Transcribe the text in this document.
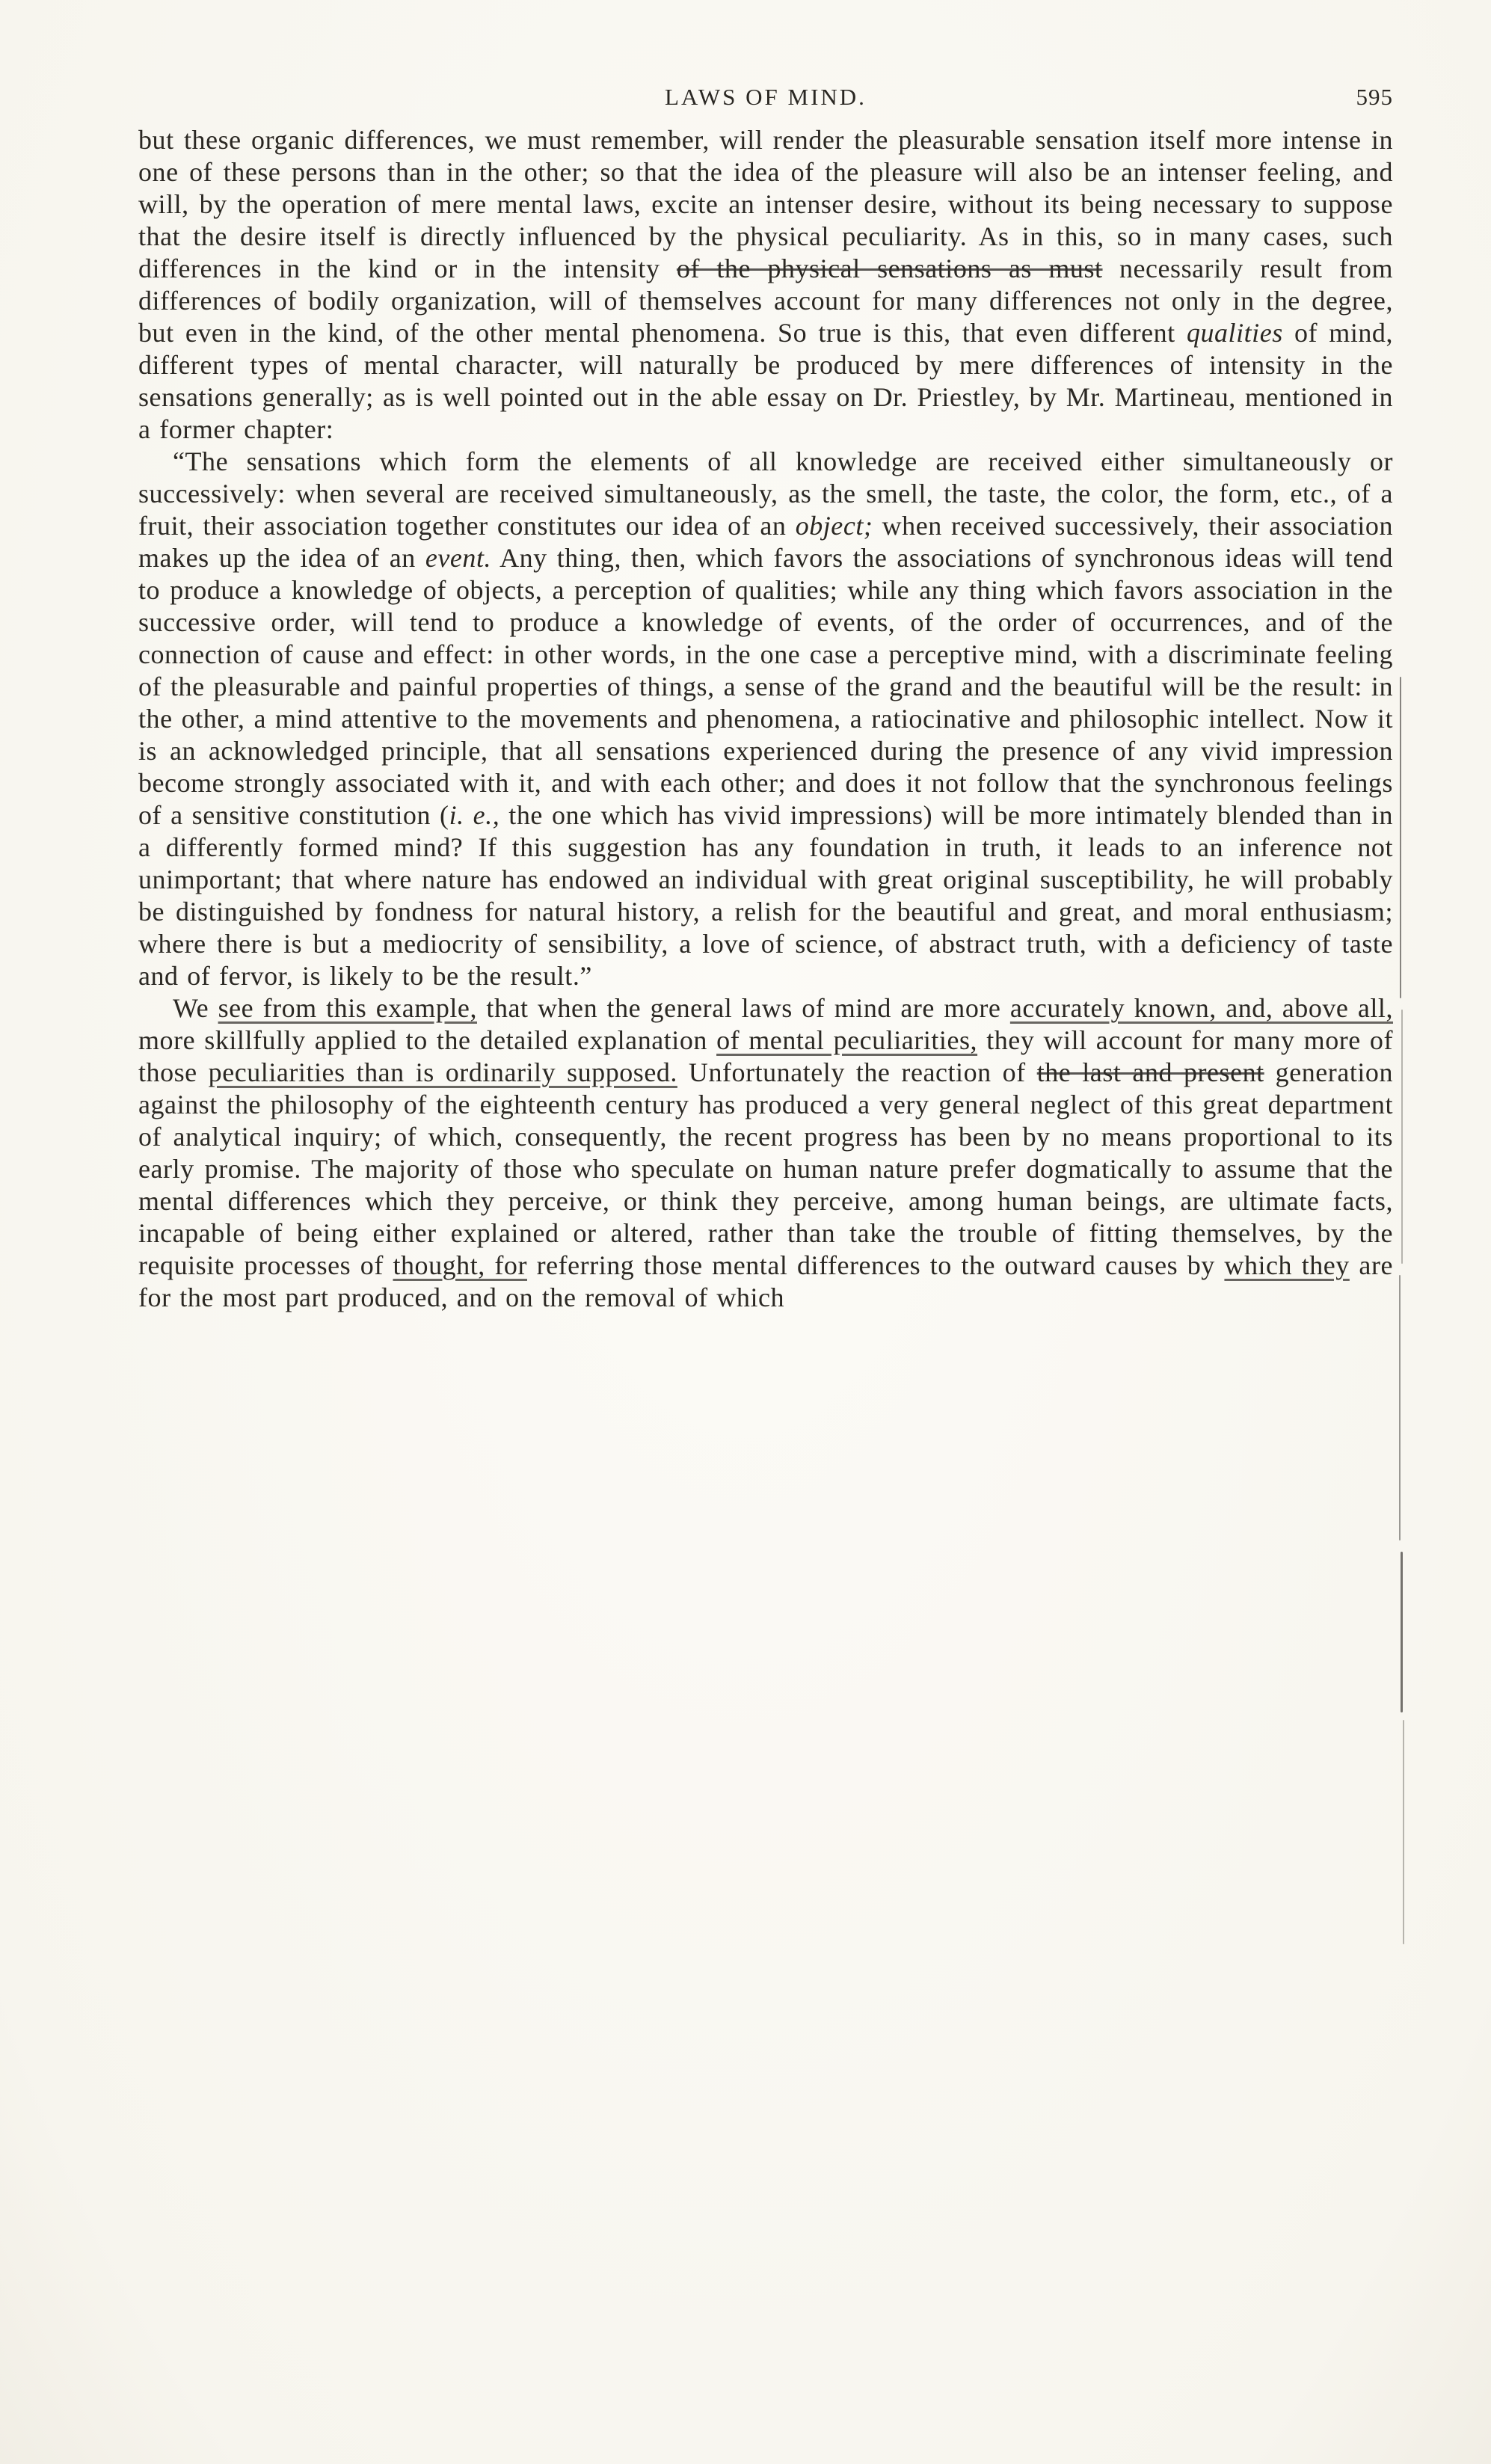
LAWS OF MIND.	595

but these organic differences, we must remember, will render the pleasurable sensation itself more intense in one of these persons than in the other; so that the idea of the pleasure will also be an intenser feeling, and will, by the operation of mere mental laws, excite an intenser desire, without its being necessary to suppose that the desire itself is directly influenced by the physical peculiarity. As in this, so in many cases, such differences in the kind or in the intensity of the physical sensations as must necessarily result from differences of bodily organization, will of themselves account for many differences not only in the degree, but even in the kind, of the other mental phenomena. So true is this, that even different qualities of mind, different types of mental character, will naturally be produced by mere differences of intensity in the sensations generally; as is well pointed out in the able essay on Dr. Priestley, by Mr. Martineau, mentioned in a former chapter:

“The sensations which form the elements of all knowledge are received either simultaneously or successively: when several are received simultaneously, as the smell, the taste, the color, the form, etc., of a fruit, their association together constitutes our idea of an object; when received successively, their association makes up the idea of an event. Any thing, then, which favors the associations of synchronous ideas will tend to produce a knowledge of objects, a perception of qualities; while any thing which favors association in the successive order, will tend to produce a knowledge of events, of the order of occurrences, and of the connection of cause and effect: in other words, in the one case a perceptive mind, with a discriminate feeling of the pleasurable and painful properties of things, a sense of the grand and the beautiful will be the result: in the other, a mind attentive to the movements and phenomena, a ratiocinative and philosophic intellect. Now it is an acknowledged principle, that all sensations experienced during the presence of any vivid impression become strongly associated with it, and with each other; and does it not follow that the synchronous feelings of a sensitive constitution (i. e., the one which has vivid impressions) will be more intimately blended than in a differently formed mind? If this suggestion has any foundation in truth, it leads to an inference not unimportant; that where nature has endowed an individual with great original susceptibility, he will probably be distinguished by fondness for natural history, a relish for the beautiful and great, and moral enthusiasm; where there is but a mediocrity of sensibility, a love of science, of abstract truth, with a deficiency of taste and of fervor, is likely to be the result.”

We see from this example, that when the general laws of mind are more accurately known, and, above all, more skillfully applied to the detailed explanation of mental peculiarities, they will account for many more of those peculiarities than is ordinarily supposed. Unfortunately the reaction of the last and present generation against the philosophy of the eighteenth century has produced a very general neglect of this great department of analytical inquiry; of which, consequently, the recent progress has been by no means proportional to its early promise. The majority of those who speculate on human nature prefer dogmatically to assume that the mental differences which they perceive, or think they perceive, among human beings, are ultimate facts, incapable of being either explained or altered, rather than take the trouble of fitting themselves, by the requisite processes of thought, for referring those mental differences to the outward causes by which they are for the most part produced, and on the removal of which
